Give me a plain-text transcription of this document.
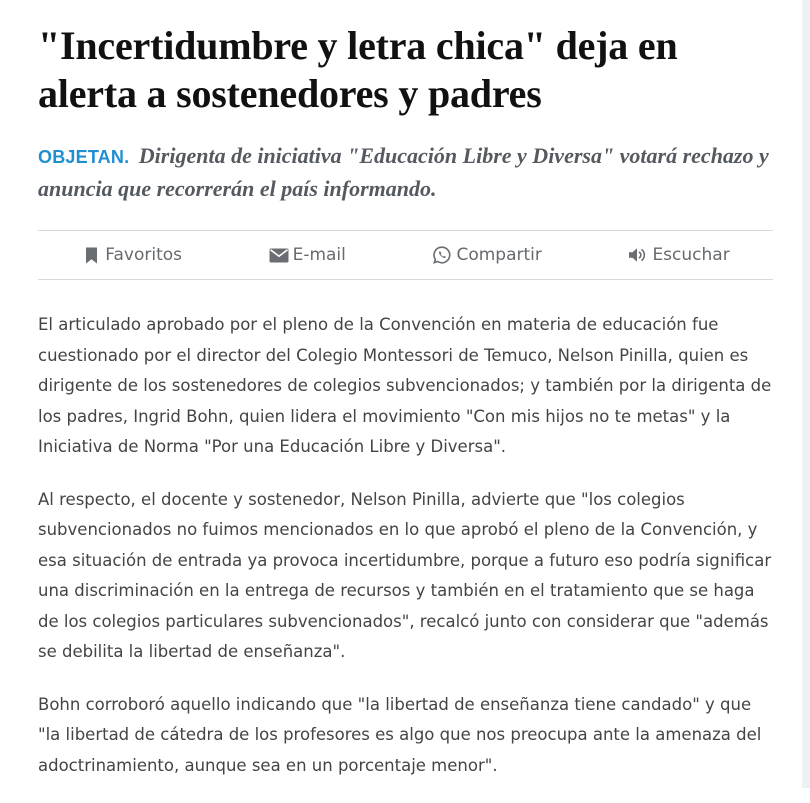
"Incertidumbre y letra chica" deja en alerta a sostenedores y padres

OBJETAN. Dirigenta de iniciativa "Educación Libre y Diversa" votará rechazo y anuncia que recorrerán el país informando.

Favoritos	E-mail	Compartir	Escuchar

El articulado aprobado por el pleno de la Convención en materia de educación fue cuestionado por el director del Colegio Montessori de Temuco, Nelson Pinilla, quien es dirigente de los sostenedores de colegios subvencionados; y también por la dirigenta de los padres, Ingrid Bohn, quien lidera el movimiento "Con mis hijos no te metas" y la Iniciativa de Norma "Por una Educación Libre y Diversa".

Al respecto, el docente y sostenedor, Nelson Pinilla, advierte que "los colegios subvencionados no fuimos mencionados en lo que aprobó el pleno de la Convención, y esa situación de entrada ya provoca incertidumbre, porque a futuro eso podría significar una discriminación en la entrega de recursos y también en el tratamiento que se haga de los colegios particulares subvencionados", recalcó junto con considerar que "además se debilita la libertad de enseñanza".

Bohn corroboró aquello indicando que "la libertad de enseñanza tiene candado" y que "la libertad de cátedra de los profesores es algo que nos preocupa ante la amenaza del adoctrinamiento, aunque sea en un porcentaje menor".
